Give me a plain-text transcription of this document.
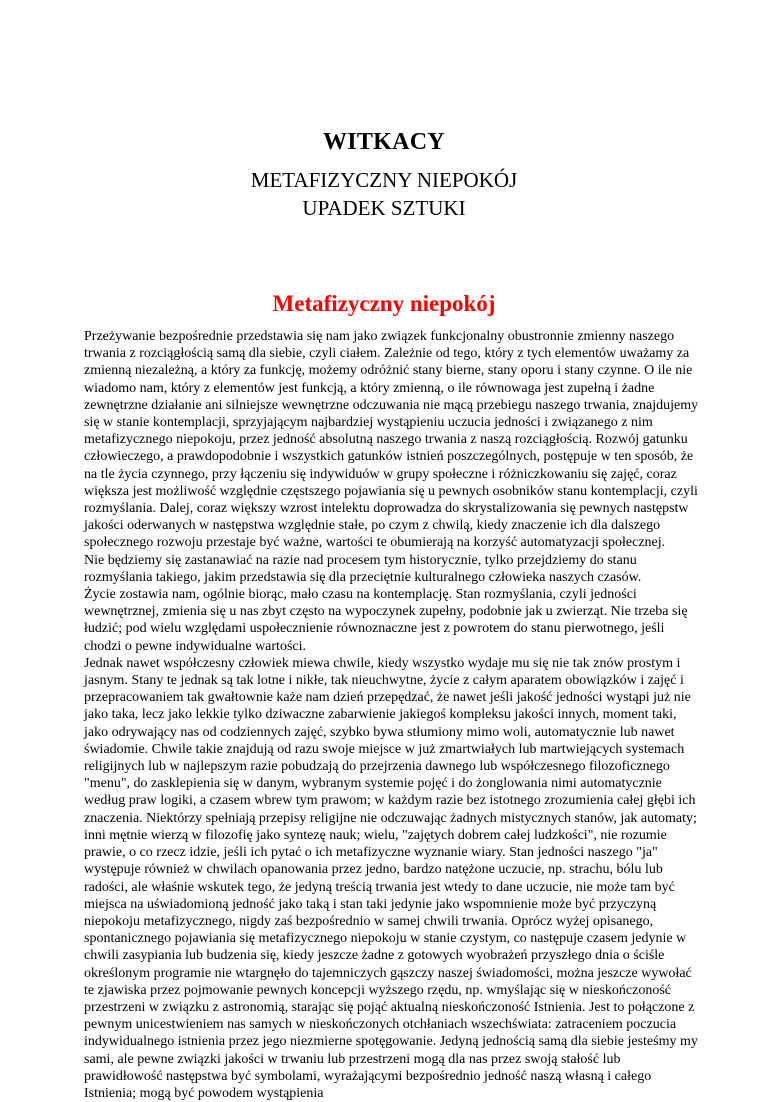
WITKACY
METAFIZYCZNY NIEPOKÓJ
UPADEK SZTUKI
Metafizyczny niepokój

Przeżywanie bezpośrednie przedstawia się nam jako związek funkcjonalny obustronnie zmienny naszego trwania z rozciągłością samą dla siebie, czyli ciałem. Zależnie od tego, który z tych elementów uważamy za zmienną niezależną, a który za funkcję, możemy odróżnić stany bierne, stany oporu i stany czynne. O ile nie wiadomo nam, który z elementów jest funkcją, a który zmienną, o ile równowaga jest zupełną i żadne zewnętrzne działanie ani silniejsze wewnętrzne odczuwania nie mącą przebiegu naszego trwania, znajdujemy się w stanie kontemplacji, sprzyjającym najbardziej wystąpieniu uczucia jedności i związanego z nim metafizycznego niepokoju, przez jedność absolutną naszego trwania z naszą rozciągłością. Rozwój gatunku człowieczego, a prawdopodobnie i wszystkich gatunków istnień poszczególnych, postępuje w ten sposób, że na tle życia czynnego, przy łączeniu się indywiduów w grupy społeczne i różniczkowaniu się zajęć, coraz większa jest możliwość względnie częstszego pojawiania się u pewnych osobników stanu kontemplacji, czyli rozmyślania. Dalej, coraz większy wzrost intelektu doprowadza do skrystalizowania się pewnych następstw jakości oderwanych w następstwa względnie stałe, po czym z chwilą, kiedy znaczenie ich dla dalszego społecznego rozwoju przestaje być ważne, wartości te obumierają na korzyść automatyzacji społecznej.

Nie będziemy się zastanawiać na razie nad procesem tym historycznie, tylko przejdziemy do stanu rozmyślania takiego, jakim przedstawia się dla przeciętnie kulturalnego człowieka naszych czasów.

Życie zostawia nam, ogólnie biorąc, mało czasu na kontemplację. Stan rozmyślania, czyli jedności wewnętrznej, zmienia się u nas zbyt często na wypoczynek zupełny, podobnie jak u zwierząt. Nie trzeba się łudzić; pod wielu względami uspołecznienie równoznaczne jest z powrotem do stanu pierwotnego, jeśli chodzi o pewne indywidualne wartości.

Jednak nawet współczesny człowiek miewa chwile, kiedy wszystko wydaje mu się nie tak znów prostym i jasnym. Stany te jednak są tak lotne i nikłe, tak nieuchwytne, życie z całym aparatem obowiązków i zajęć i przepracowaniem tak gwałtownie każe nam dzień przepędzać, że nawet jeśli jakość jedności wystąpi już nie jako taka, lecz jako lekkie tylko dziwaczne zabarwienie jakiegoś kompleksu jakości innych, moment taki, jako odrywający nas od codziennych zajęć, szybko bywa stłumiony mimo woli, automatycznie lub nawet świadomie. Chwile takie znajdują od razu swoje miejsce w już zmartwiałych lub martwiejących systemach religijnych lub w najlepszym razie pobudzają do przejrzenia dawnego lub współczesnego filozoficznego "menu", do zasklepienia się w danym, wybranym systemie pojęć i do żonglowania nimi automatycznie według praw logiki, a czasem wbrew tym prawom; w każdym razie bez istotnego zrozumienia całej głębi ich znaczenia. Niektórzy spełniają przepisy religijne nie odczuwając żadnych mistycznych stanów, jak automaty; inni mętnie wierzą w filozofię jako syntezę nauk; wielu, "zajętych dobrem całej ludzkości", nie rozumie prawie, o co rzecz idzie, jeśli ich pytać o ich metafizyczne wyznanie wiary. Stan jedności naszego "ja" występuje również w chwilach opanowania przez jedno, bardzo natężone uczucie, np. strachu, bólu lub radości, ale właśnie wskutek tego, że jedyną treścią trwania jest wtedy to dane uczucie, nie może tam być miejsca na uświadomioną jedność jako taką i stan taki jedynie jako wspomnienie może być przyczyną niepokoju metafizycznego, nigdy zaś bezpośrednio w samej chwili trwania. Oprócz wyżej opisanego, spontanicznego pojawiania się metafizycznego niepokoju w stanie czystym, co następuje czasem jedynie w chwili zasypiania lub budzenia się, kiedy jeszcze żadne z gotowych wyobrażeń przyszłego dnia o ściśle określonym programie nie wtargnęło do tajemniczych gąszczy naszej świadomości, można jeszcze wywołać te zjawiska przez pojmowanie pewnych koncepcji wyższego rzędu, np. wmyślając się w nieskończoność przestrzeni w związku z astronomią, starając się pojąć aktualną nieskończoność Istnienia. Jest to połączone z pewnym unicestwieniem nas samych w nieskończonych otchłaniach wszechświata: zatraceniem poczucia indywidualnego istnienia przez jego niezmierne spotęgowanie. Jedyną jednością samą dla siebie jesteśmy my sami, ale pewne związki jakości w trwaniu lub przestrzeni mogą dla nas przez swoją stałość lub prawidłowość następstwa być symbolami, wyrażającymi bezpośrednio jedność naszą własną i całego Istnienia; mogą być powodem wystąpienia
